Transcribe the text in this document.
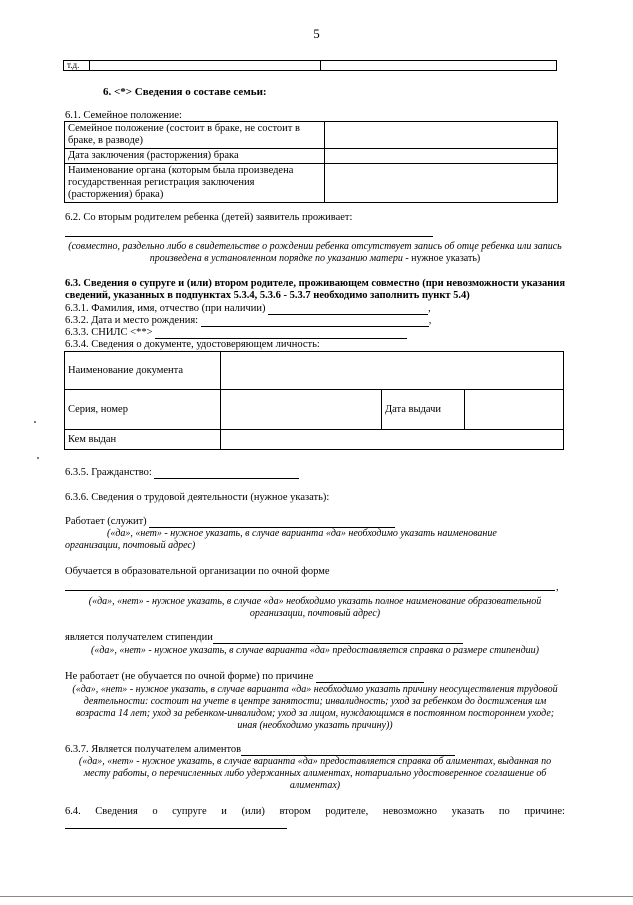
5
т.д.		
6. <*> Сведения о составе семьи:
6.1. Семейное положение:
Семейное положение (состоит в браке, не состоит в браке, в разводе)	
Дата заключения (расторжения) брака	
Наименование органа (которым была произведена государственная регистрация заключения (расторжения) брака)	
6.2. Со вторым родителем ребенка (детей) заявитель проживает:
(совместно, раздельно либо в свидетельстве о рождении ребенка отсутствует запись об отце ребенка или запись произведена в установленном порядке по указанию матери - нужное указать)
6.3. Сведения о супруге и (или) втором родителе, проживающем совместно (при невозможности указания сведений, указанных в подпунктах 5.3.4, 5.3.6 - 5.3.7 необходимо заполнить пункт 5.4)
6.3.1. Фамилия, имя, отчество (при наличии)	,
6.3.2. Дата и место рождения:	,
6.3.3. СНИЛС <**>
6.3.4. Сведения о документе, удостоверяющем личность:
Наименование документа			
Серия, номер		Дата выдачи	
Кем выдан			
6.3.5. Гражданство:
6.3.6. Сведения о трудовой деятельности (нужное указать):
Работает (служит)
(«да», «нет» - нужное указать, в случае варианта «да» необходимо указать наименование организации, почтовый адрес)
Обучается в образовательной организации по очной форме
,
(«да», «нет» - нужное указать, в случае «да» необходимо указать полное наименование образовательной организации, почтовый адрес)
является получателем стипендии
(«да», «нет» - нужное указать, в случае варианта «да» предоставляется справка о размере стипендии)
Не работает (не обучается по очной форме) по причине
(«да», «нет» - нужное указать, в случае варианта «да» необходимо указать причину неосуществления трудовой деятельности: состоит на учете в центре занятости; инвалидность; уход за ребенком до достижения им возраста 14 лет; уход за ребенком-инвалидом; уход за лицом, нуждающимся в постоянном постороннем уходе; иная (необходимо указать причину))
6.3.7. Является получателем алиментов
(«да», «нет» - нужное указать, в случае варианта «да» предоставляется справка об алиментах, выданная по месту работы, о перечисленных либо удержанных алиментах, нотариально удостоверенное соглашение об алиментах)
6.4. Сведения о супруге и (или) втором родителе, невозможно указать по причине:
